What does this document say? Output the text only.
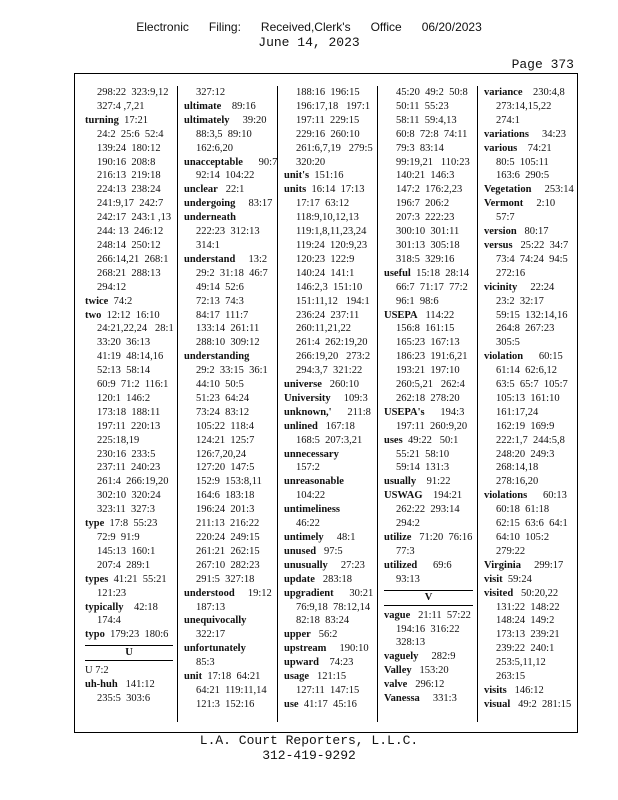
Electronic Filing: Received,Clerk's Office 06/20/2023
June 14, 2023
Page 373
298:22  323:9,12
327:4 ,7,21
turning  17:21
24:2  25:6  52:4
139:24  180:12
190:16  208:8
216:13  219:18
224:13  238:24
241:9,17  242:7
242:17  243:1 ,13
244: 13  246:12
248:14  250:12
266:14,21  268:1
268:21  288:13
294:12
twice  74:2
two  12:12  16:10
24:21,22,24   28:1
33:20  36:13
41:19  48:14,16
52:13  58:14
60:9  71:2  116:1
120:1  146:2
173:18  188:11
197:11  220:13
225:18,19
230:16  233:5
237:11  240:23
261:4  266:19,20
302:10  320:24
323:11  327:3
type  17:8  55:23
72:9  91:9
145:13  160:1
207:4  289:1
types  41:21  55:21
121:23
typically    42:18
174:4
typo  179:23  180:6
U
U 7:2
uh-huh   141:12
235:5  303:6
327:12
ultimate    89:16
ultimately     39:20
88:3,5  89:10
162:6,20
unacceptable      90:7
92:14  104:22
unclear   22:1
undergoing     83:17
underneath
222:23  312:13
314:1
understand     13:2
29:2  31:18  46:7
49:14  52:6
72:13  74:3
84:17  111:7
133:14  261:11
288:10  309:12
understanding
29:2  33:15  36:1
44:10  50:5
51:23  64:24
73:24  83:12
105:22  118:4
124:21  125:7
126:7,20,24
127:20  147:5
152:9  153:8,11
164:6  183:18
196:24  201:3
211:13  216:22
220:24  249:15
261:21  262:15
267:10  282:23
291:5  327:18
understood     19:12
187:13
unequivocally
322:17
unfortunately
85:3
unit  17:18  64:21
64:21  119:11,14
121:3  152:16
188:16  196:15
196:17,18   197:1
197:11  229:15
229:16  260:10
261:6,7,19   279:5
320:20
unit's  151:16
units  16:14  17:13
17:17  63:12
118:9,10,12,13
119:1,8,11,23,24
119:24  120:9,23
120:23  122:9
140:24  141:1
146:2,3  151:10
151:11,12   194:1
236:24  237:11
260:11,21,22
261:4  262:19,20
266:19,20   273:2
294:3,7  321:22
universe   260:10
University     109:3
unknown,'      211:8
unlined   167:18
168:5  207:3,21
unnecessary
157:2
unreasonable
104:22
untimeliness
46:22
untimely     48:1
unused   97:5
unusually     27:23
update   283:18
upgradient      30:21
76:9,18  78:12,14
82:18  83:24
upper   56:2
upstream     190:10
upward    74:23
usage   121:15
127:11  147:15
use  41:17  45:16
45:20  49:2  50:8
50:11  55:23
58:11  59:4,13
60:8  72:8  74:11
79:3  83:14
99:19,21   110:23
140:21  146:3
147:2  176:2,23
196:7  206:2
207:3  222:23
300:10  301:11
301:13  305:18
318:5  329:16
useful  15:18  28:14
66:7  71:17  77:2
96:1  98:6
USEPA   114:22
156:8  161:15
165:23  167:13
186:23  191:6,21
193:21  197:10
260:5,21   262:4
262:18  278:20
USEPA's      194:3
197:11  260:9,20
uses  49:22   50:1
55:21  58:10
59:14  131:3
usually    91:22
USWAG    194:21
262:22  293:14
294:2
utilize   71:20  76:16
77:3
utilized      69:6
93:13
V
vague   21:11  57:22
194:16  316:22
328:13
vaguely     282:9
Valley   153:20
valve   296:12
Vanessa     331:3
variance    230:4,8
273:14,15,22
274:1
variations     34:23
various    74:21
80:5  105:11
163:6  290:5
Vegetation     253:14
Vermont     2:10
57:7
version   80:17
versus   25:22  34:7
73:4  74:24  94:5
272:16
vicinity     22:24
23:2  32:17
59:15  132:14,16
264:8  267:23
305:5
violation      60:15
61:14  62:6,12
63:5  65:7  105:7
105:13  161:10
161:17,24
162:19  169:9
222:1,7  244:5,8
248:20  249:3
268:14,18
278:16,20
violations      60:13
60:18  61:18
62:15  63:6  64:1
64:10  105:2
279:22
Virginia     299:17
visit  59:24
visited   50:20,22
131:22  148:22
148:24  149:2
173:13  239:21
239:22  240:1
253:5,11,12
263:15
visits   146:12
visual   49:2  281:15
L.A. Court Reporters, L.L.C.
312-419-9292
